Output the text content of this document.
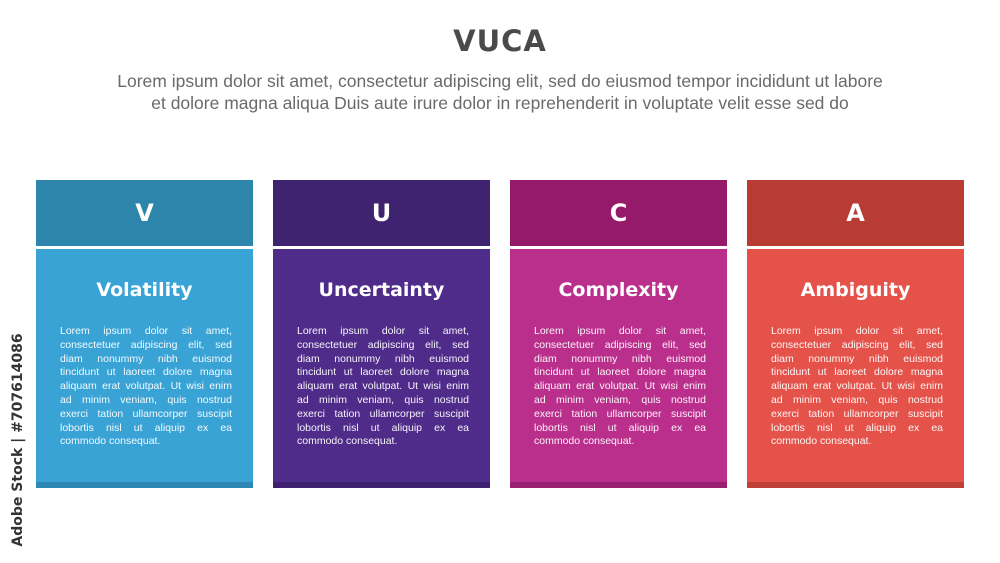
VUCA
Lorem ipsum dolor sit amet, consectetur adipiscing elit, sed do eiusmod tempor incididunt ut labore
et dolore magna aliqua Duis aute irure dolor in reprehenderit in voluptate velit esse sed do
V
Volatility
Lorem ipsum dolor sit amet, consectetuer adipiscing elit, sed diam nonummy nibh euismod tincidunt ut laoreet dolore magna aliquam erat volutpat. Ut wisi enim ad minim veniam, quis nostrud exerci tation ullamcorper suscipit lobortis nisl ut aliquip ex ea commodo consequat.
U
Uncertainty
Lorem ipsum dolor sit amet, consectetuer adipiscing elit, sed diam nonummy nibh euismod tincidunt ut laoreet dolore magna aliquam erat volutpat. Ut wisi enim ad minim veniam, quis nostrud exerci tation ullamcorper suscipit lobortis nisl ut aliquip ex ea commodo consequat.
C
Complexity
Lorem ipsum dolor sit amet, consectetuer adipiscing elit, sed diam nonummy nibh euismod tincidunt ut laoreet dolore magna aliquam erat volutpat. Ut wisi enim ad minim veniam, quis nostrud exerci tation ullamcorper suscipit lobortis nisl ut aliquip ex ea commodo consequat.
A
Ambiguity
Lorem ipsum dolor sit amet, consectetuer adipiscing elit, sed diam nonummy nibh euismod tincidunt ut laoreet dolore magna aliquam erat volutpat. Ut wisi enim ad minim veniam, quis nostrud exerci tation ullamcorper suscipit lobortis nisl ut aliquip ex ea commodo consequat.
Adobe Stock | #707614086
